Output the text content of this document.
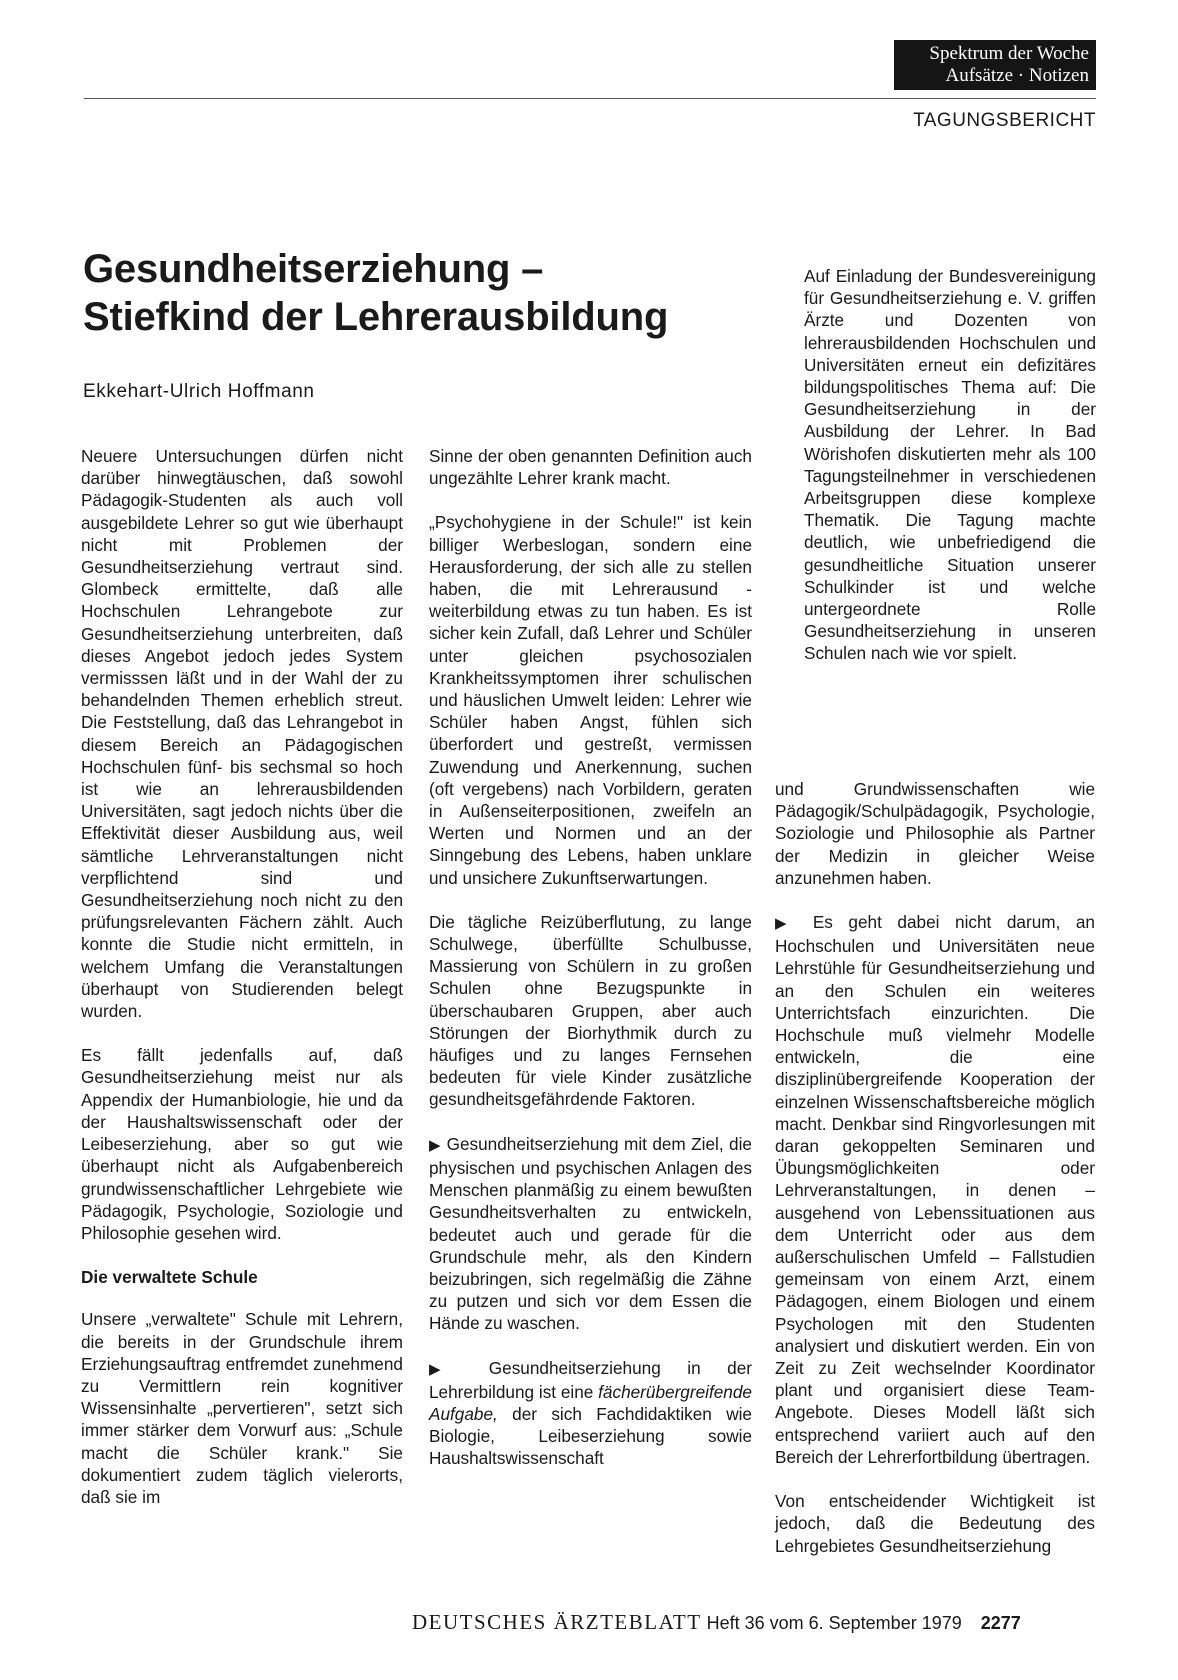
Spektrum der Woche
Aufsätze · Notizen
TAGUNGSBERICHT
Gesundheitserziehung –
Stiefkind der Lehrerausbildung
Ekkehart-Ulrich Hoffmann

Neuere Untersuchungen dürfen nicht darüber hinwegtäuschen, daß sowohl Pädagogik-Studenten als auch voll ausgebildete Lehrer so gut wie überhaupt nicht mit Problemen der Gesundheitserziehung vertraut sind. Glombeck ermittelte, daß alle Hochschulen Lehrangebote zur Gesundheitserziehung unterbreiten, daß dieses Angebot jedoch jedes System vermisssen läßt und in der Wahl der zu behandelnden Themen erheblich streut. Die Feststellung, daß das Lehrangebot in diesem Bereich an Pädagogischen Hochschulen fünf- bis sechsmal so hoch ist wie an lehrerausbildenden Universitäten, sagt jedoch nichts über die Effektivität dieser Ausbildung aus, weil sämtliche Lehrveranstaltungen nicht verpflichtend sind und Gesundheitserziehung noch nicht zu den prüfungsrelevanten Fächern zählt. Auch konnte die Studie nicht ermitteln, in welchem Umfang die Veranstaltungen überhaupt von Studierenden belegt wurden.

Es fällt jedenfalls auf, daß Gesundheitserziehung meist nur als Appendix der Humanbiologie, hie und da der Haushaltswissenschaft oder der Leibeserziehung, aber so gut wie überhaupt nicht als Aufgabenbereich grundwissenschaftlicher Lehrgebiete wie Pädagogik, Psychologie, Soziologie und Philosophie gesehen wird.

Die verwaltete Schule

Unsere „verwaltete" Schule mit Lehrern, die bereits in der Grundschule ihrem Erziehungsauftrag entfremdet zunehmend zu Vermittlern rein kognitiver Wissensinhalte „pervertieren", setzt sich immer stärker dem Vorwurf aus: „Schule macht die Schüler krank." Sie dokumentiert zudem täglich vielerorts, daß sie im

Sinne der oben genannten Definition auch ungezählte Lehrer krank macht.

„Psychohygiene in der Schule!" ist kein billiger Werbeslogan, sondern eine Herausforderung, der sich alle zu stellen haben, die mit Lehrerausund -weiterbildung etwas zu tun haben. Es ist sicher kein Zufall, daß Lehrer und Schüler unter gleichen psychosozialen Krankheitssymptomen ihrer schulischen und häuslichen Umwelt leiden: Lehrer wie Schüler haben Angst, fühlen sich überfordert und gestreßt, vermissen Zuwendung und Anerkennung, suchen (oft vergebens) nach Vorbildern, geraten in Außenseiterpositionen, zweifeln an Werten und Normen und an der Sinngebung des Lebens, haben unklare und unsichere Zukunftserwartungen.

Die tägliche Reizüberflutung, zu lange Schulwege, überfüllte Schulbusse, Massierung von Schülern in zu großen Schulen ohne Bezugspunkte in überschaubaren Gruppen, aber auch Störungen der Biorhythmik durch zu häufiges und zu langes Fernsehen bedeuten für viele Kinder zusätzliche gesundheitsgefährdende Faktoren.

▶ Gesundheitserziehung mit dem Ziel, die physischen und psychischen Anlagen des Menschen planmäßig zu einem bewußten Gesundheitsverhalten zu entwickeln, bedeutet auch und gerade für die Grundschule mehr, als den Kindern beizubringen, sich regelmäßig die Zähne zu putzen und sich vor dem Essen die Hände zu waschen.

▶ Gesundheitserziehung in der Lehrerbildung ist eine fächerübergreifende Aufgabe, der sich Fachdidaktiken wie Biologie, Leibeserziehung sowie Haushaltswissenschaft

Auf Einladung der Bundesvereinigung für Gesundheitserziehung e. V. griffen Ärzte und Dozenten von lehrerausbildenden Hochschulen und Universitäten erneut ein defizitäres bildungspolitisches Thema auf: Die Gesundheitserziehung in der Ausbildung der Lehrer. In Bad Wörishofen diskutierten mehr als 100 Tagungsteilnehmer in verschiedenen Arbeitsgruppen diese komplexe Thematik. Die Tagung machte deutlich, wie unbefriedigend die gesundheitliche Situation unserer Schulkinder ist und welche untergeordnete Rolle Gesundheitserziehung in unseren Schulen nach wie vor spielt.

und Grundwissenschaften wie Pädagogik/Schulpädagogik, Psychologie, Soziologie und Philosophie als Partner der Medizin in gleicher Weise anzunehmen haben.

▶ Es geht dabei nicht darum, an Hochschulen und Universitäten neue Lehrstühle für Gesundheitserziehung und an den Schulen ein weiteres Unterrichtsfach einzurichten. Die Hochschule muß vielmehr Modelle entwickeln, die eine disziplinübergreifende Kooperation der einzelnen Wissenschaftsbereiche möglich macht. Denkbar sind Ringvorlesungen mit daran gekoppelten Seminaren und Übungsmöglichkeiten oder Lehrveranstaltungen, in denen – ausgehend von Lebenssituationen aus dem Unterricht oder aus dem außerschulischen Umfeld – Fallstudien gemeinsam von einem Arzt, einem Pädagogen, einem Biologen und einem Psychologen mit den Studenten analysiert und diskutiert werden. Ein von Zeit zu Zeit wechselnder Koordinator plant und organisiert diese Team-Angebote. Dieses Modell läßt sich entsprechend variiert auch auf den Bereich der Lehrerfortbildung übertragen.

Von entscheidender Wichtigkeit ist jedoch, daß die Bedeutung des Lehrgebietes Gesundheitserziehung

DEUTSCHES ÄRZTEBLATT Heft 36 vom 6. September 1979 2277
